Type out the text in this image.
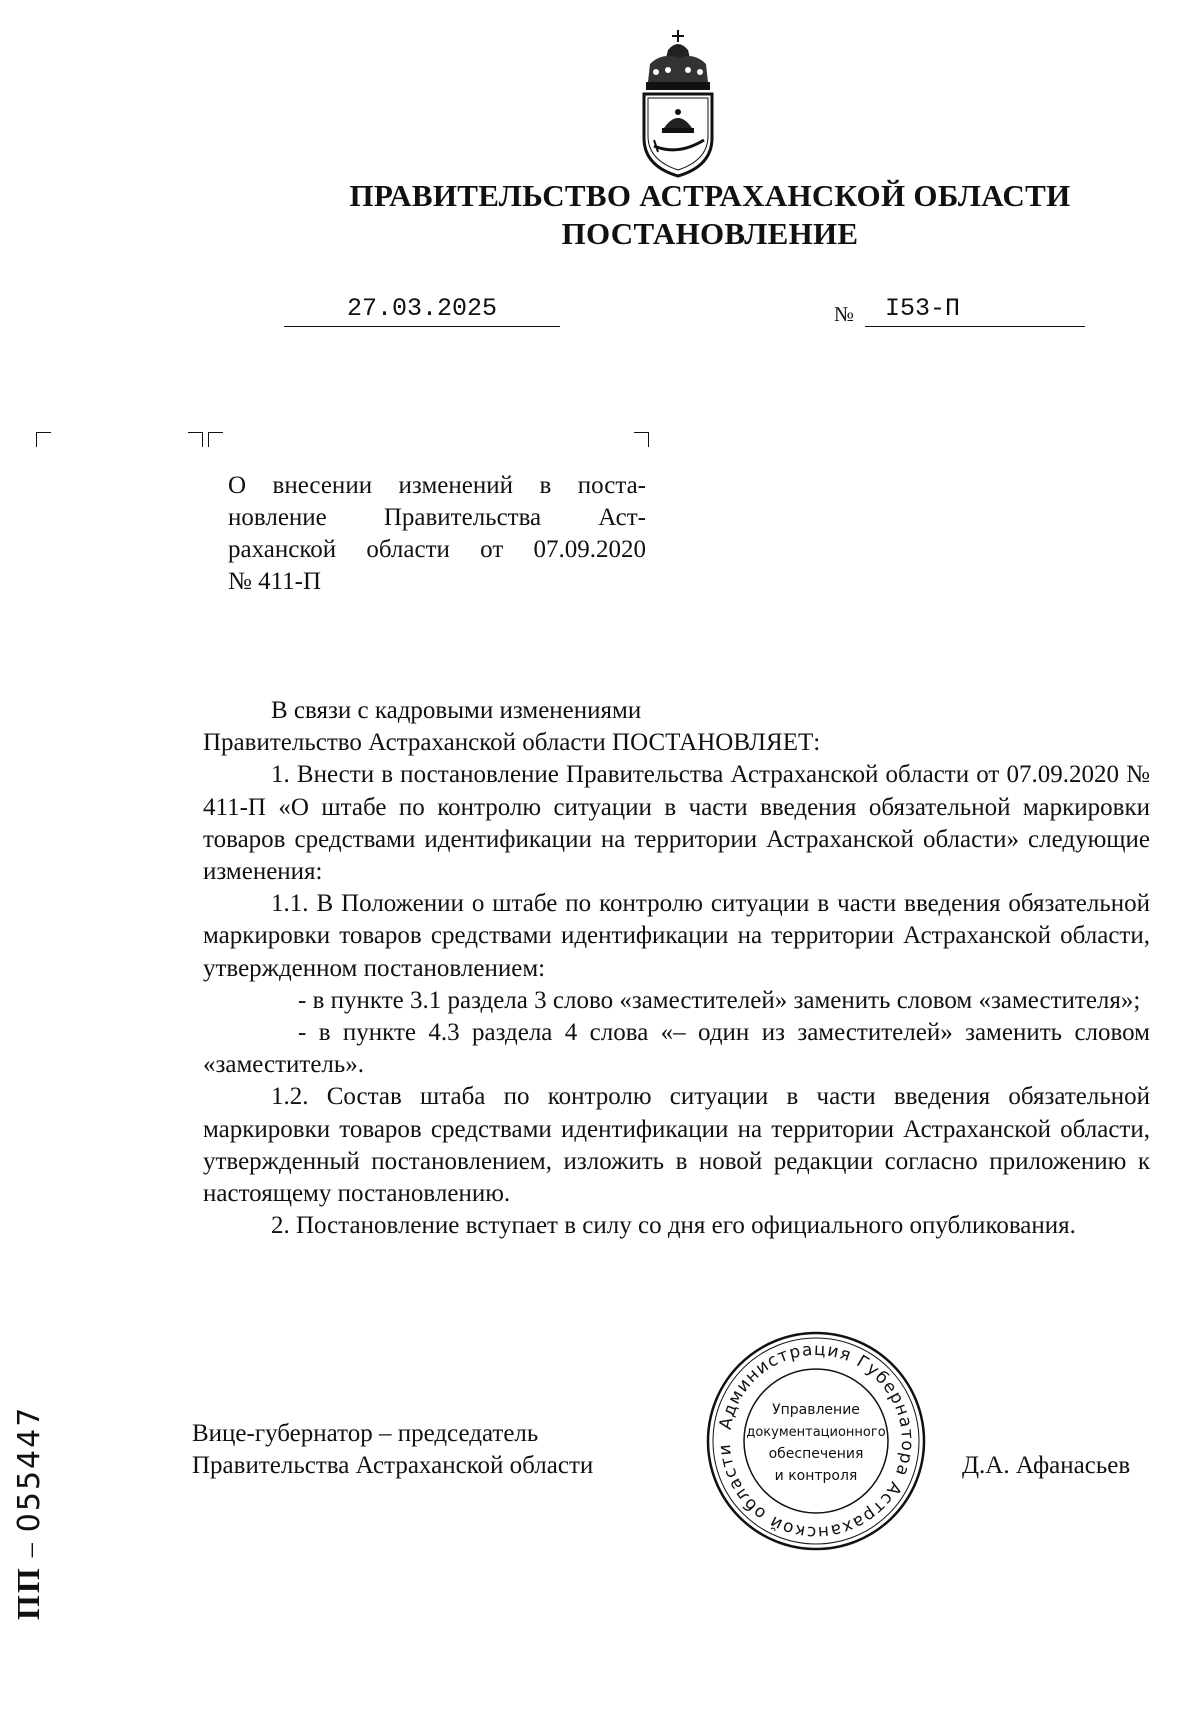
ПРАВИТЕЛЬСТВО АСТРАХАНСКОЙ ОБЛАСТИ
ПОСТАНОВЛЕНИЕ
27.03.2025	№	I53-П
О внесении изменений в поста-
новление Правительства Аст-
раханской области от 07.09.2020
№ 411-П

В связи с кадровыми изменениями

Правительство Астраханской области ПОСТАНОВЛЯЕТ:

1. Внести в постановление Правительства Астраханской области от 07.09.2020 № 411-П «О штабе по контролю ситуации в части введения обязательной маркировки товаров средствами идентификации на территории Астраханской области» следующие изменения:

1.1. В Положении о штабе по контролю ситуации в части введения обязательной маркировки товаров средствами идентификации на территории Астраханской области, утвержденном постановлением:

- в пункте 3.1 раздела 3 слово «заместителей» заменить словом «заместителя»;

- в пункте 4.3 раздела 4 слова «– один из заместителей» заменить словом «заместитель».

1.2. Состав штаба по контролю ситуации в части введения обязательной маркировки товаров средствами идентификации на территории Астраханской области, утвержденный постановлением, изложить в новой редакции согласно приложению к настоящему постановлению.

2. Постановление вступает в силу со дня его официального опубликования.

Вице-губернатор – председатель
Правительства Астраханской области	Д.А. Афанасьев
Администрация Губернатора Астраханской области
Управление
документационного
обеспечения
и контроля
ПП – 055447
